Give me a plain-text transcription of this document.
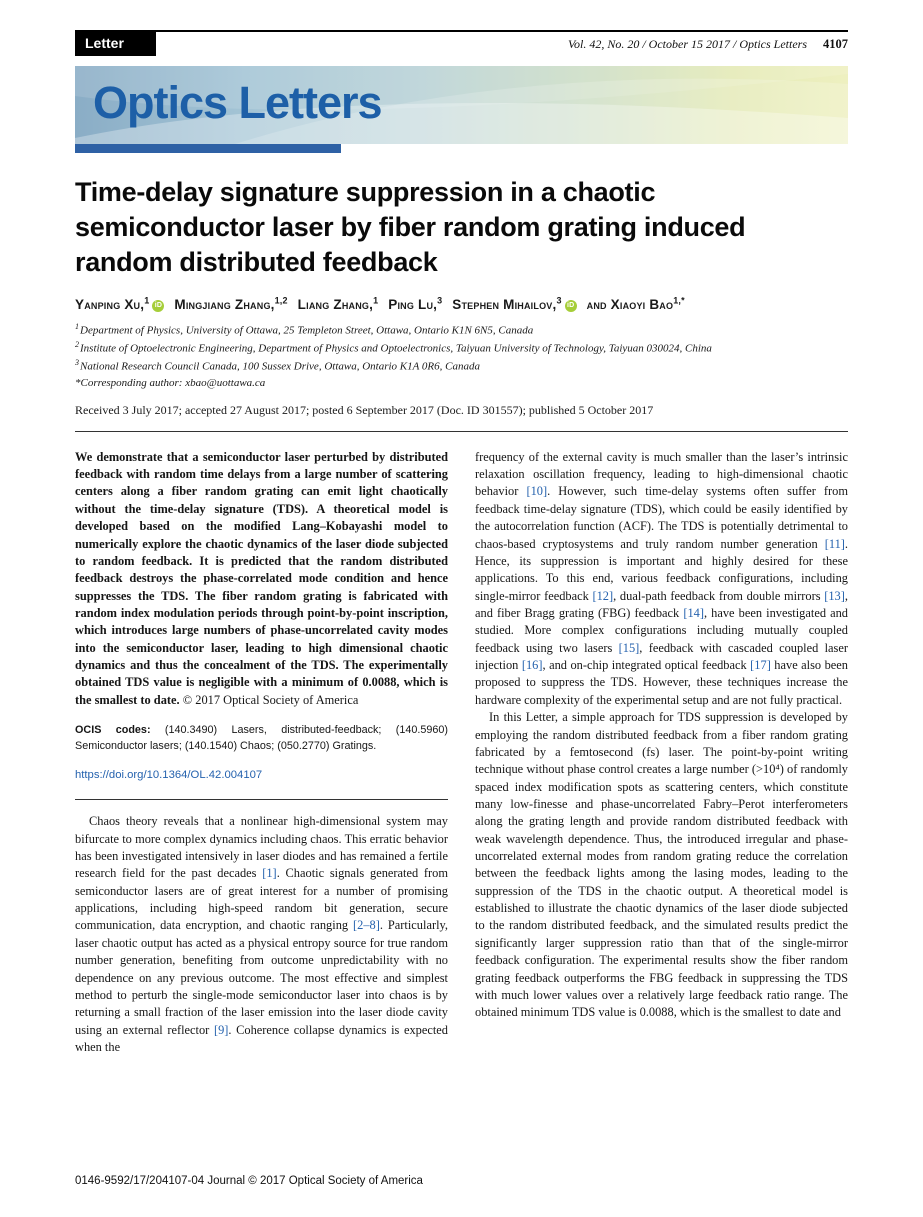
Letter	Vol. 42, No. 20 / October 15 2017 / Optics Letters 4107
Optics Letters
Time-delay signature suppression in a chaotic semiconductor laser by fiber random grating induced random distributed feedback
Yanping Xu,$^1$ iD Mingjiang Zhang,$^{1,2}$ Liang Zhang,$^1$ Ping Lu,$^3$ Stephen Mihailov,$^3$ iD and Xiaoyi Bao$^{1,*}$
$^1$Department of Physics, University of Ottawa, 25 Templeton Street, Ottawa, Ontario K1N 6N5, Canada
$^2$Institute of Optoelectronic Engineering, Department of Physics and Optoelectronics, Taiyuan University of Technology, Taiyuan 030024, China
$^3$National Research Council Canada, 100 Sussex Drive, Ottawa, Ontario K1A 0R6, Canada
*Corresponding author: xbao@uottawa.ca
Received 3 July 2017; accepted 27 August 2017; posted 6 September 2017 (Doc. ID 301557); published 5 October 2017

We demonstrate that a semiconductor laser perturbed by distributed feedback with random time delays from a large number of scattering centers along a fiber random grating can emit light chaotically without the time-delay signature (TDS). A theoretical model is developed based on the modified Lang–Kobayashi model to numerically explore the chaotic dynamics of the laser diode subjected to random feedback. It is predicted that the random distributed feedback destroys the phase-correlated mode condition and hence suppresses the TDS. The fiber random grating is fabricated with random index modulation periods through point-by-point inscription, which introduces large numbers of phase-uncorrelated cavity modes into the semiconductor laser, leading to high dimensional chaotic dynamics and thus the concealment of the TDS. The experimentally obtained TDS value is negligible with a minimum of 0.0088, which is the smallest to date. © 2017 Optical Society of America

OCIS codes: (140.3490) Lasers, distributed-feedback; (140.5960) Semiconductor lasers; (140.1540) Chaos; (050.2770) Gratings.
https://doi.org/10.1364/OL.42.004107

Chaos theory reveals that a nonlinear high-dimensional system may bifurcate to more complex dynamics including chaos. This erratic behavior has been investigated intensively in laser diodes and has remained a fertile research field for the past decades [1]. Chaotic signals generated from semiconductor lasers are of great interest for a number of promising applications, including high-speed random bit generation, secure communication, data encryption, and chaotic ranging [2–8]. Particularly, laser chaotic output has acted as a physical entropy source for true random number generation, benefiting from outcome unpredictability with no dependence on any previous outcome. The most effective and simplest method to perturb the single-mode semiconductor laser into chaos is by returning a small fraction of the laser emission into the laser diode cavity using an external reflector [9]. Coherence collapse dynamics is expected when the

frequency of the external cavity is much smaller than the laser’s intrinsic relaxation oscillation frequency, leading to high-dimensional chaotic behavior [10]. However, such time-delay systems often suffer from feedback time-delay signature (TDS), which could be easily identified by the autocorrelation function (ACF). The TDS is potentially detrimental to chaos-based cryptosystems and truly random number generation [11]. Hence, its suppression is important and highly desired for these applications. To this end, various feedback configurations, including single-mirror feedback [12], dual-path feedback from double mirrors [13], and fiber Bragg grating (FBG) feedback [14], have been investigated and studied. More complex configurations including mutually coupled feedback using two lasers [15], feedback with cascaded coupled laser injection [16], and on-chip integrated optical feedback [17] have also been proposed to suppress the TDS. However, these techniques increase the hardware complexity of the experimental setup and are not fully practical.

In this Letter, a simple approach for TDS suppression is developed by employing the random distributed feedback from a fiber random grating fabricated by a femtosecond (fs) laser. The point-by-point writing technique without phase control creates a large number (>10⁴) of randomly spaced index modification spots as scattering centers, which constitute many low-finesse and phase-uncorrelated Fabry–Perot interferometers along the grating length and provide random distributed feedback with weak wavelength dependence. Thus, the introduced irregular and phase-uncorrelated external modes from random grating reduce the correlation between the feedback lights among the lasing modes, leading to the suppression of the TDS in the chaotic output. A theoretical model is established to illustrate the chaotic dynamics of the laser diode subjected to the random distributed feedback, and the simulated results predict the significantly larger suppression ratio than that of the single-mirror feedback configuration. The experimental results show the fiber random grating feedback outperforms the FBG feedback in suppressing the TDS with much lower values over a relatively large feedback ratio range. The obtained minimum TDS value is 0.0088, which is the smallest to date and

0146-9592/17/204107-04 Journal © 2017 Optical Society of America
